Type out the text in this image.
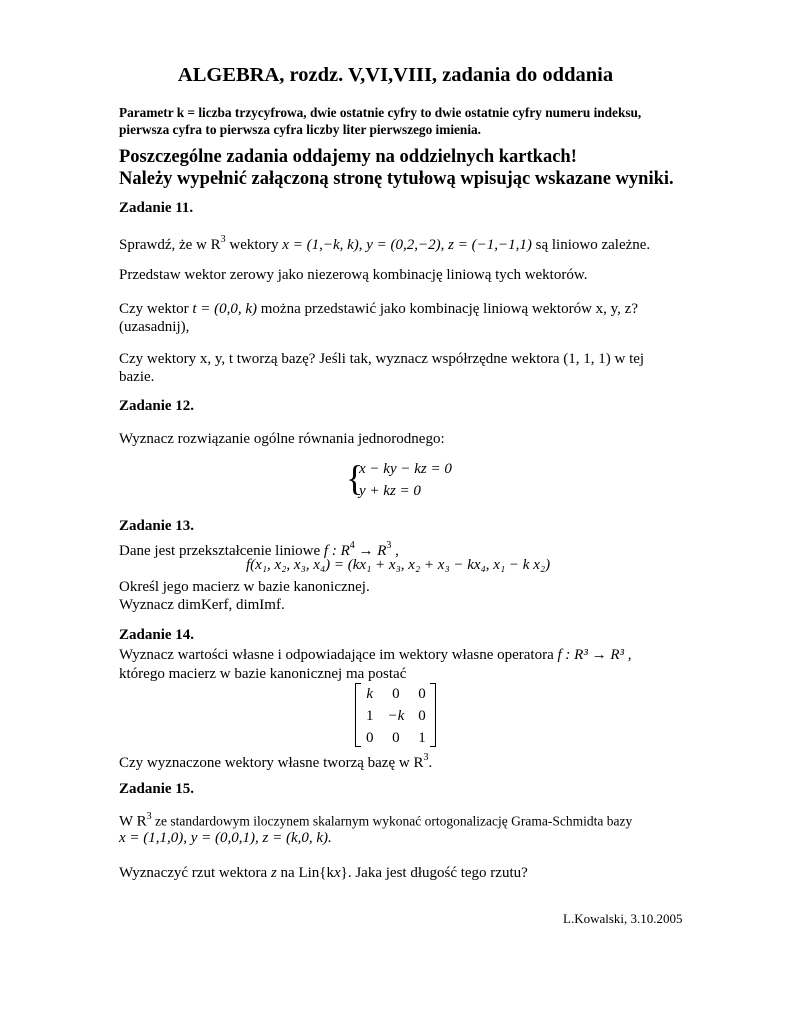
ALGEBRA, rozdz. V,VI,VIII, zadania do oddania
Parametr k = liczba trzycyfrowa, dwie ostatnie cyfry to dwie ostatnie cyfry numeru indeksu,
pierwsza cyfra to pierwsza cyfra liczby liter pierwszego imienia.
Poszczególne zadania oddajemy na oddzielnych kartkach!
Należy wypełnić załączoną stronę tytułową wpisując wskazane wyniki.
Zadanie 11.
Sprawdź, że w $R^3$ wektory x = (1,−k, k), y = (0,2,−2), z = (−1,−1,1) są liniowo zależne.
Przedstaw wektor zerowy jako niezerową kombinację liniową tych wektorów.
Czy wektor t = (0,0, k) można przedstawić jako kombinację liniową wektorów x, y, z?
(uzasadnij),
Czy wektory x, y, t tworzą bazę? Jeśli tak, wyznacz współrzędne wektora (1, 1, 1) w tej
bazie.
Zadanie 12.
Wyznacz rozwiązanie ogólne równania jednorodnego:
{
x − ky − kz = 0
y + kz = 0
Zadanie 13.
Dane jest przekształcenie liniowe f : $R^4 \to R^3$ ,
f(x₁, x₂, x₃, x₄) = (kx₁ + x₃, x₂ + x₃ − kx₄, x₁ − k x₂)
Określ jego macierz w bazie kanonicznej.
Wyznacz dimKerf, dimImf.
Zadanie 14.
Wyznacz wartości własne i odpowiadające im wektory własne operatora f : R³ → R³ ,
którego macierz w bazie kanonicznej ma postać
k	0	0
1	−k	0
0	0	1
Czy wyznaczone wektory własne tworzą bazę w $R^3$.
Zadanie 15.
W $R^3$ ze standardowym iloczynem skalarnym wykonać ortogonalizację Grama-Schmidta bazy
x = (1,1,0), y = (0,0,1), z = (k,0, k).
Wyznaczyć rzut wektora z na Lin{kx}. Jaka jest długość tego rzutu?
L.Kowalski, 3.10.2005
